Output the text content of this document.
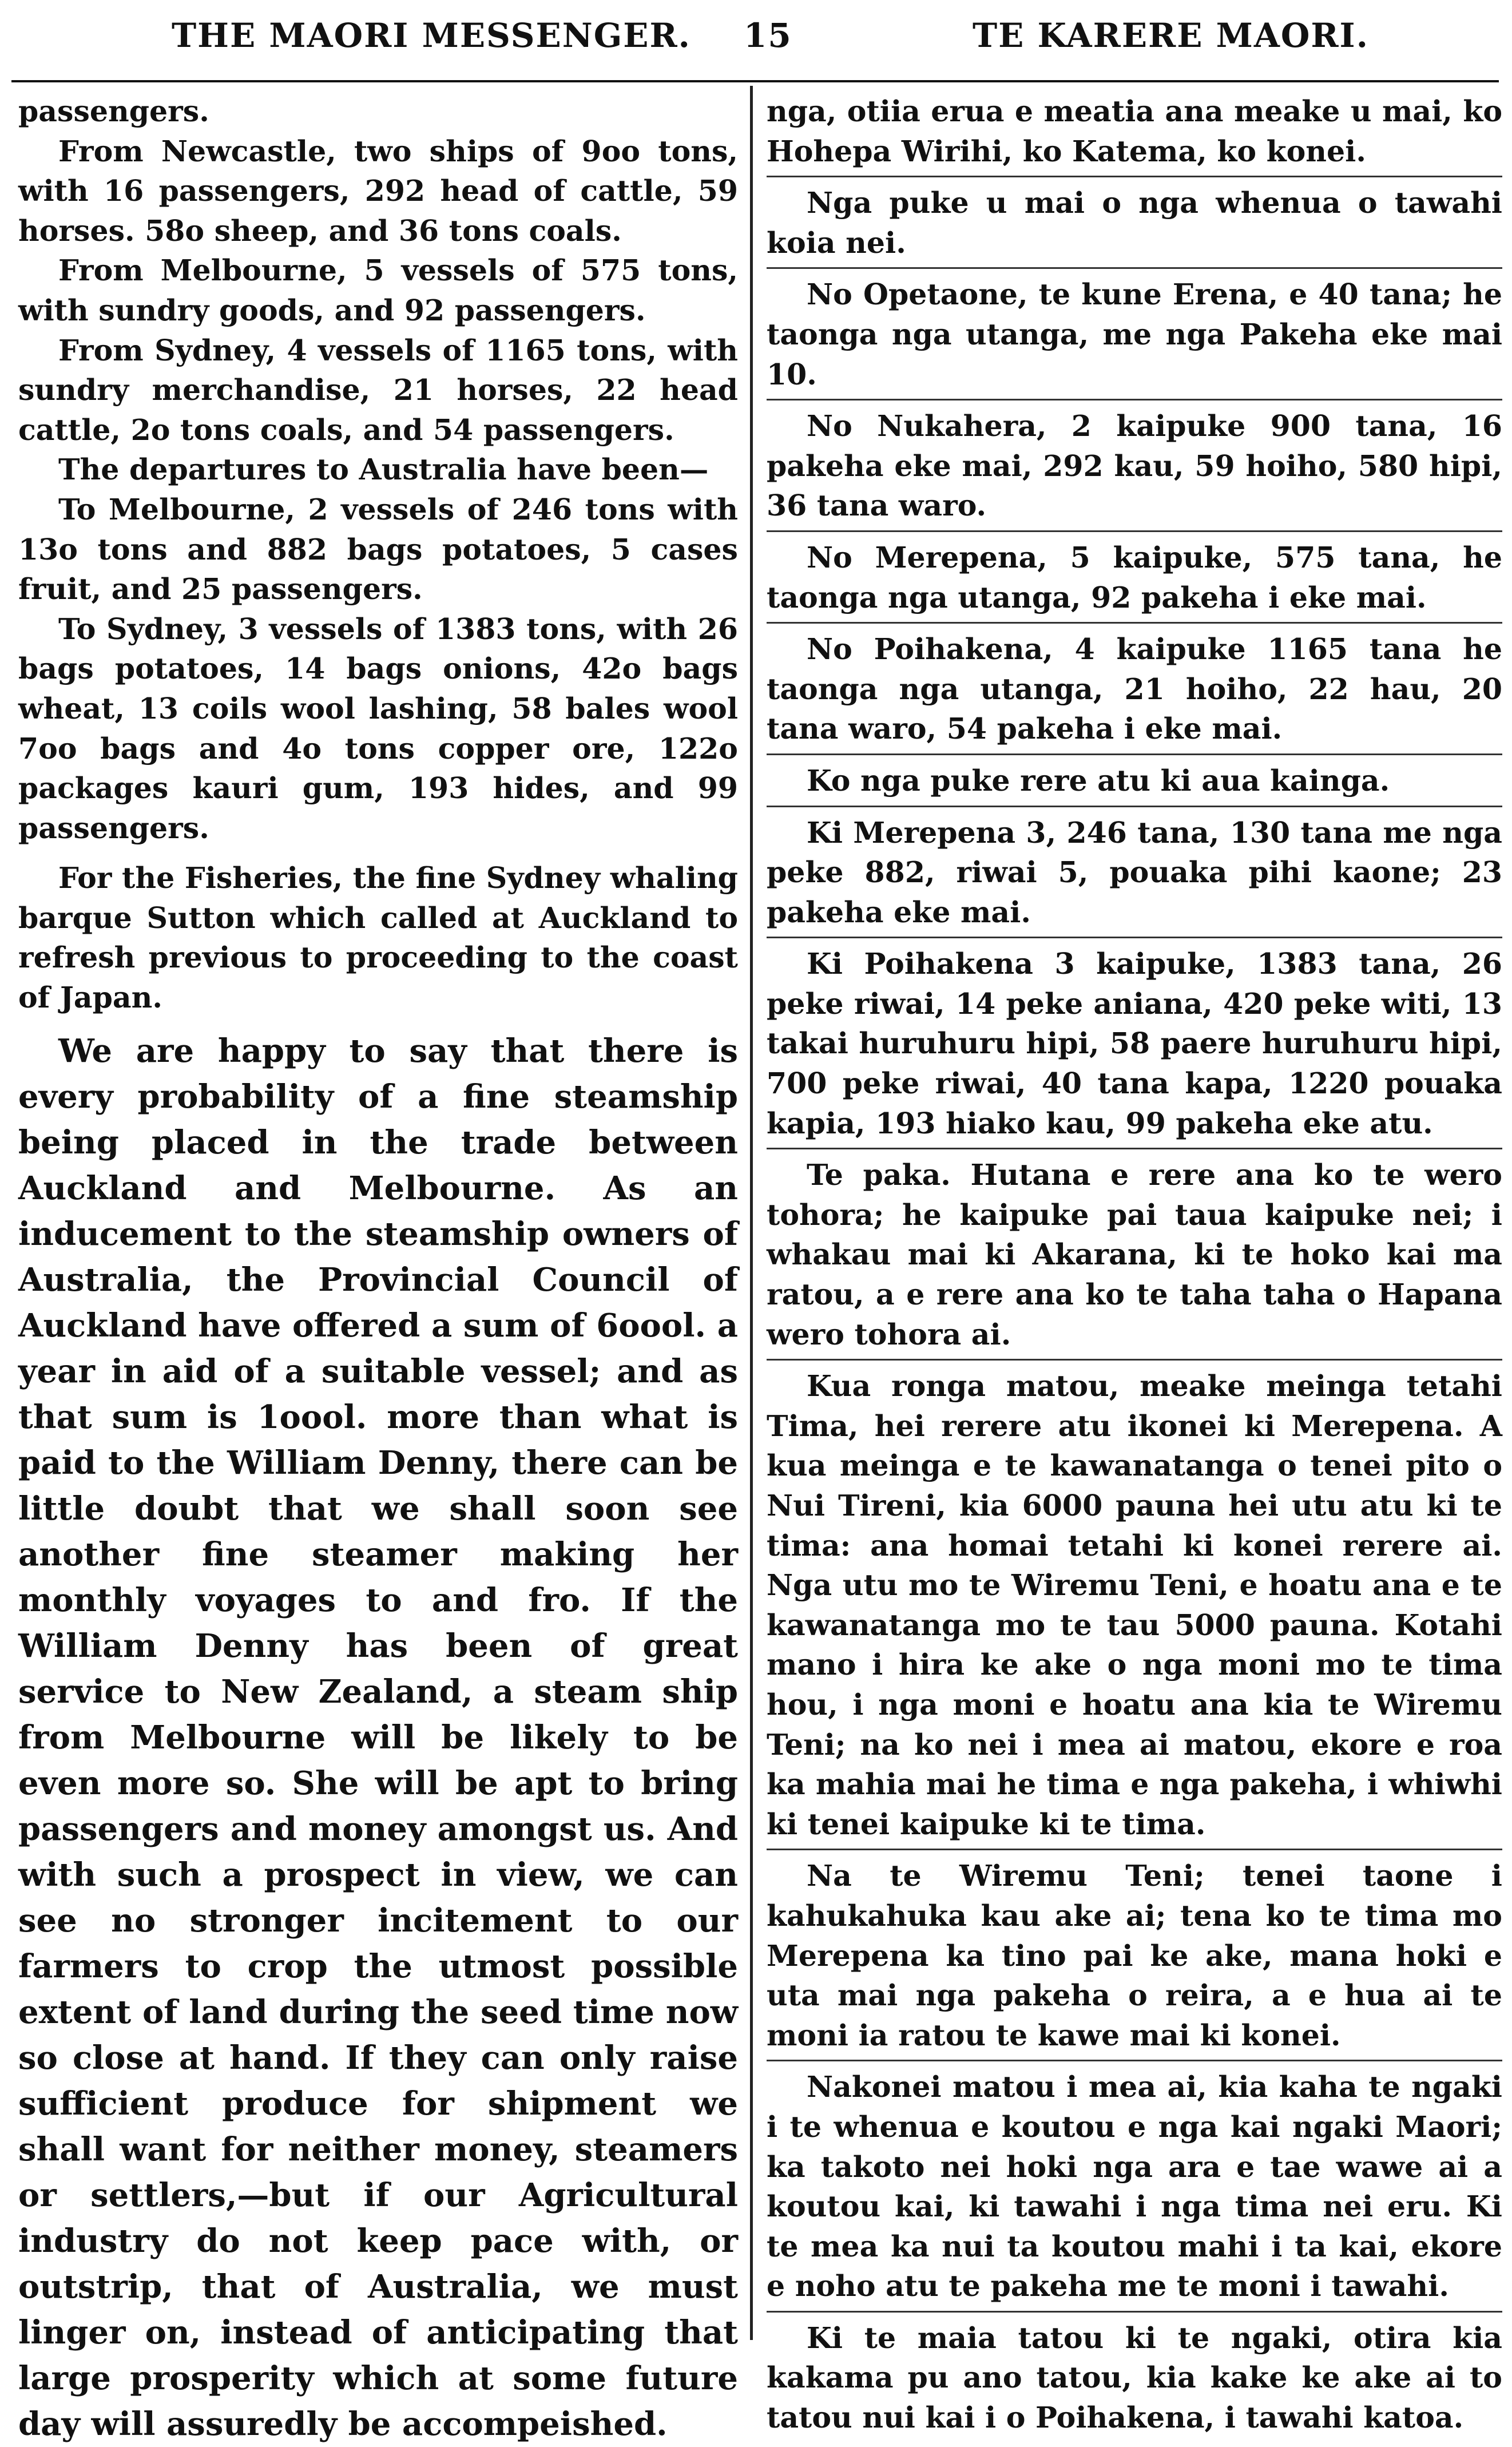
THE MAORI MESSENGER. 15	TE KARERE MAORI.

passengers.

From Newcastle, two ships of 9oo tons, with 16 passengers, 292 head of cattle, 59 horses. 58o sheep, and 36 tons coals.

From Melbourne, 5 vessels of 575 tons, with sundry goods, and 92 passengers.

From Sydney, 4 vessels of 1165 tons, with sundry merchandise, 21 horses, 22 head cattle, 2o tons coals, and 54 passengers.

The departures to Australia have been—

To Melbourne, 2 vessels of 246 tons with 13o tons and 882 bags potatoes, 5 cases fruit, and 25 passengers.

To Sydney, 3 vessels of 1383 tons, with 26 bags potatoes, 14 bags onions, 42o bags wheat, 13 coils wool lashing, 58 bales wool 7oo bags and 4o tons copper ore, 122o packages kauri gum, 193 hides, and 99 passengers.

For the Fisheries, the fine Sydney whaling barque Sutton which called at Auckland to refresh previous to proceeding to the coast of Japan.

We are happy to say that there is every probability of a fine steamship being placed in the trade between Auckland and Melbourne. As an inducement to the steamship owners of Australia, the Provincial Council of Auckland have offered a sum of 6oool. a year in aid of a suitable vessel; and as that sum is 1oool. more than what is paid to the William Denny, there can be little doubt that we shall soon see another fine steamer making her monthly voyages to and fro. If the William Denny has been of great service to New Zealand, a steam ship from Melbourne will be likely to be even more so. She will be apt to bring passengers and money amongst us. And with such a prospect in view, we can see no stronger incitement to our farmers to crop the utmost possible extent of land during the seed time now so close at hand. If they can only raise sufficient produce for shipment we shall want for neither money, steamers or settlers,—but if our Agricultural industry do not keep pace with, or outstrip, that of Australia, we must linger on, instead of anticipating that large prosperity which at some future day will assuredly be accompeished.

nga, otiia erua e meatia ana meake u mai, ko Hohepa Wirihi, ko Katema, ko konei.

Nga puke u mai o nga whenua o tawahi koia nei.

No Opetaone, te kune Erena, e 40 tana; he taonga nga utanga, me nga Pakeha eke mai 10.

No Nukahera, 2 kaipuke 900 tana, 16 pakeha eke mai, 292 kau, 59 hoiho, 580 hipi, 36 tana waro.

No Merepena, 5 kaipuke, 575 tana, he taonga nga utanga, 92 pakeha i eke mai.

No Poihakena, 4 kaipuke 1165 tana he taonga nga utanga, 21 hoiho, 22 hau, 20 tana waro, 54 pakeha i eke mai.

Ko nga puke rere atu ki aua kainga.

Ki Merepena 3, 246 tana, 130 tana me nga peke 882, riwai 5, pouaka pihi kaone; 23 pakeha eke mai.

Ki Poihakena 3 kaipuke, 1383 tana, 26 peke riwai, 14 peke aniana, 420 peke witi, 13 takai huruhuru hipi, 58 paere huruhuru hipi, 700 peke riwai, 40 tana kapa, 1220 pouaka kapia, 193 hiako kau, 99 pakeha eke atu.

Te paka. Hutana e rere ana ko te wero tohora; he kaipuke pai taua kaipuke nei; i whakau mai ki Akarana, ki te hoko kai ma ratou, a e rere ana ko te taha taha o Hapana wero tohora ai.

Kua ronga matou, meake meinga tetahi Tima, hei rerere atu ikonei ki Merepena. A kua meinga e te kawanatanga o tenei pito o Nui Tireni, kia 6000 pauna hei utu atu ki te tima: ana homai tetahi ki konei rerere ai. Nga utu mo te Wiremu Teni, e hoatu ana e te kawanatanga mo te tau 5000 pauna. Kotahi mano i hira ke ake o nga moni mo te tima hou, i nga moni e hoatu ana kia te Wiremu Teni; na ko nei i mea ai matou, ekore e roa ka mahia mai he tima e nga pakeha, i whiwhi ki tenei kaipuke ki te tima.

Na te Wiremu Teni; tenei taone i kahukahuka kau ake ai; tena ko te tima mo Merepena ka tino pai ke ake, mana hoki e uta mai nga pakeha o reira, a e hua ai te moni ia ratou te kawe mai ki konei.

Nakonei matou i mea ai, kia kaha te ngaki i te whenua e koutou e nga kai ngaki Maori; ka takoto nei hoki nga ara e tae wawe ai a koutou kai, ki tawahi i nga tima nei eru. Ki te mea ka nui ta koutou mahi i ta kai, ekore e noho atu te pakeha me te moni i tawahi.

Ki te maia tatou ki te ngaki, otira kia kakama pu ano tatou, kia kake ke ake ai to tatou nui kai i o Poihakena, i tawahi katoa.
